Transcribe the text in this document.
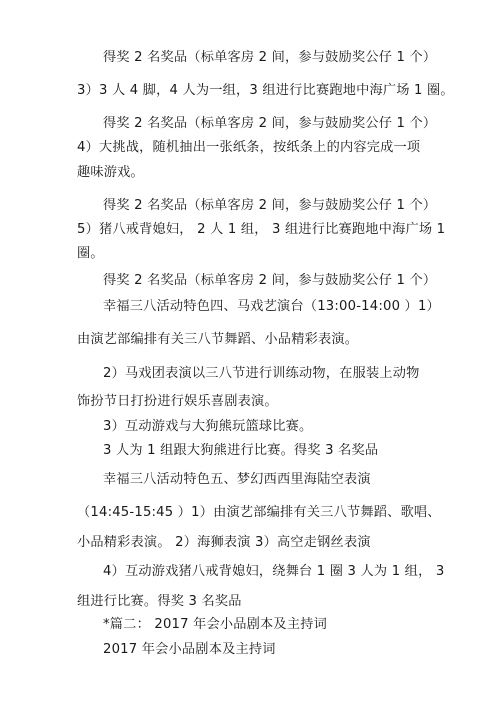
得奖 2 名奖品（标单客房 2 间，参与鼓励奖公仔 1 个）
3）3 人 4 脚，4 人为一组，3 组进行比赛跑地中海广场 1 圈。
得奖 2 名奖品（标单客房 2 间，参与鼓励奖公仔 1 个）
4）大挑战，随机抽出一张纸条，按纸条上的内容完成一项
趣味游戏。
得奖 2 名奖品（标单客房 2 间，参与鼓励奖公仔 1 个）
5）猪八戒背媳妇， 2 人 1 组， 3 组进行比赛跑地中海广场 1
圈。
得奖 2 名奖品（标单客房 2 间，参与鼓励奖公仔 1 个）
幸福三八活动特色四、马戏艺演台（13:00-14:00 ）1）
由演艺部编排有关三八节舞蹈、小品精彩表演。
2）马戏团表演以三八节进行训练动物，在服装上动物
饰扮节日打扮进行娱乐喜剧表演。
3）互动游戏与大狗熊玩篮球比赛。
3 人为 1 组跟大狗熊进行比赛。得奖 3 名奖品
幸福三八活动特色五、梦幻西西里海陆空表演
（14:45-15:45 ）1）由演艺部编排有关三八节舞蹈、歌唱、
小品精彩表演。 2）海狮表演 3）高空走钢丝表演
4）互动游戏猪八戒背媳妇，绕舞台 1 圈 3 人为 1 组， 3
组进行比赛。得奖 3 名奖品
*篇二： 2017 年会小品剧本及主持词
2017 年会小品剧本及主持词
